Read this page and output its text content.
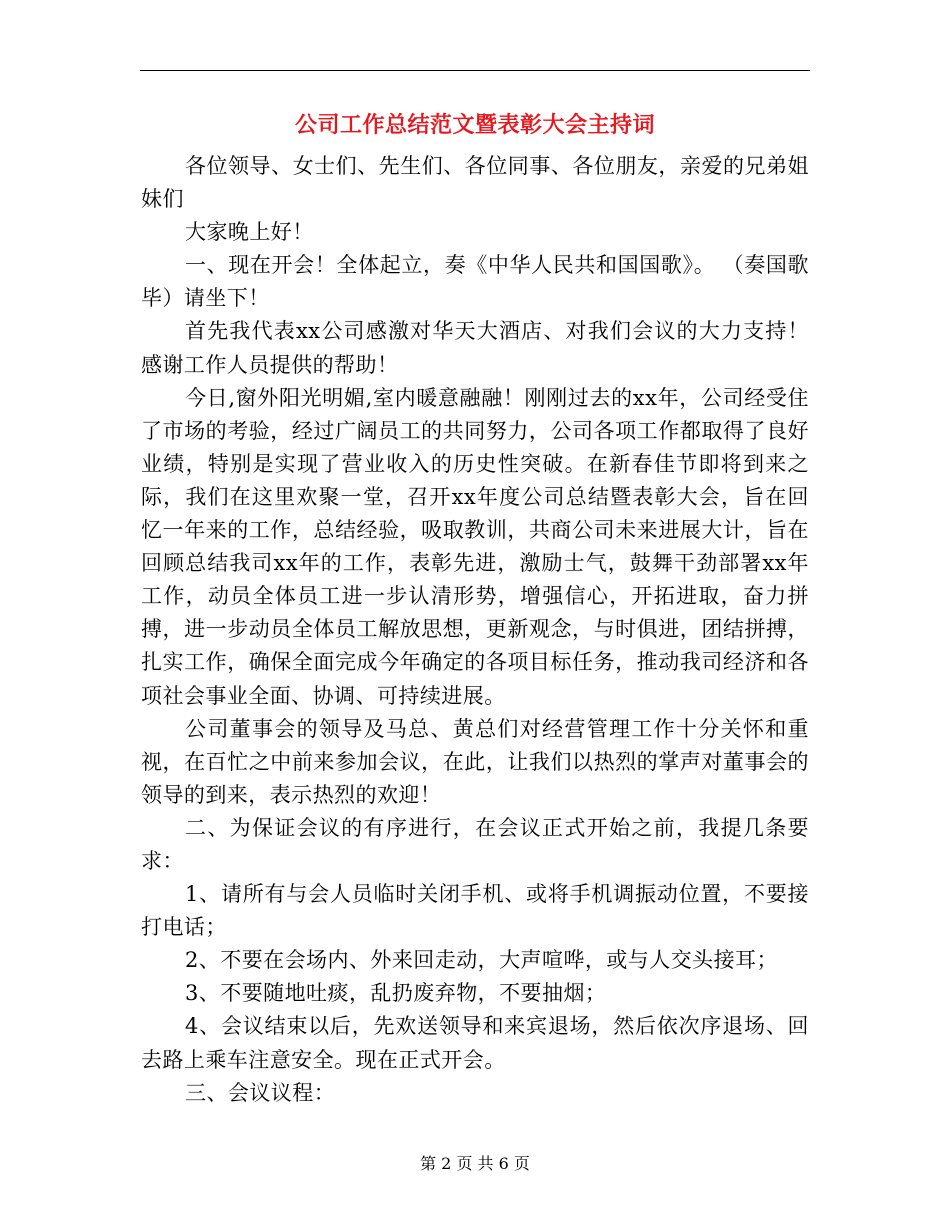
公司工作总结范文暨表彰大会主持词

各位领导、女士们、先生们、各位同事、各位朋友，亲爱的兄弟姐妹们

大家晚上好！

一、现在开会！全体起立，奏《中华人民共和国国歌》。 （奏国歌毕）请坐下！

首先我代表xx公司感激对华天大酒店、对我们会议的大力支持！感谢工作人员提供的帮助！

今日,窗外阳光明媚,室内暖意融融！刚刚过去的xx年，公司经受住了市场的考验，经过广阔员工的共同努力，公司各项工作都取得了良好业绩，特别是实现了营业收入的历史性突破。在新春佳节即将到来之际，我们在这里欢聚一堂，召开xx年度公司总结暨表彰大会，旨在回忆一年来的工作，总结经验，吸取教训，共商公司未来进展大计，旨在回顾总结我司xx年的工作，表彰先进，激励士气，鼓舞干劲部署xx年工作，动员全体员工进一步认清形势，增强信心，开拓进取，奋力拼搏，进一步动员全体员工解放思想，更新观念，与时俱进，团结拼搏，扎实工作，确保全面完成今年确定的各项目标任务，推动我司经济和各项社会事业全面、协调、可持续进展。

公司董事会的领导及马总、黄总们对经营管理工作十分关怀和重视，在百忙之中前来参加会议，在此，让我们以热烈的掌声对董事会的领导的到来，表示热烈的欢迎！

二、为保证会议的有序进行，在会议正式开始之前，我提几条要求：

1、请所有与会人员临时关闭手机、或将手机调振动位置，不要接打电话；

2、不要在会场内、外来回走动，大声喧哗，或与人交头接耳；

3、不要随地吐痰，乱扔废弃物，不要抽烟；

4、会议结束以后，先欢送领导和来宾退场，然后依次序退场、回去路上乘车注意安全。现在正式开会。

三、会议议程：

第 2 页 共 6 页
